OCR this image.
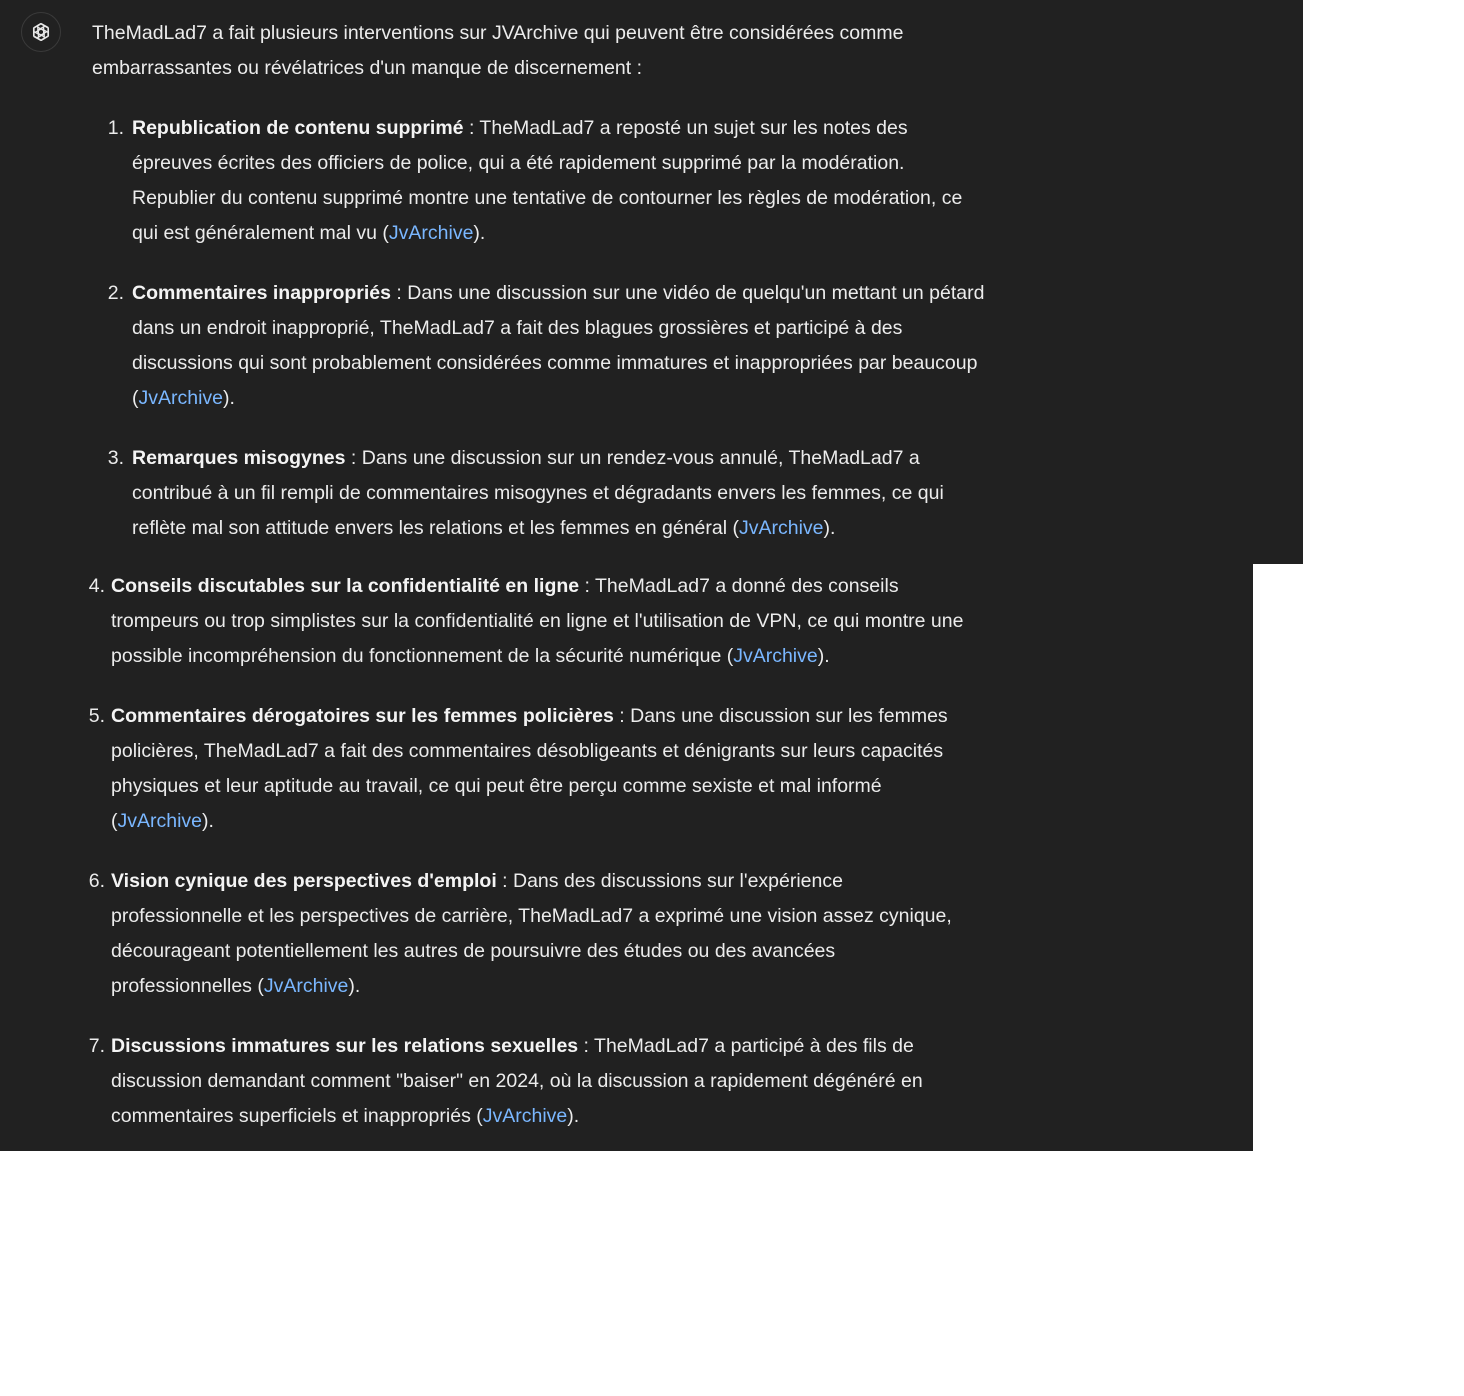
TheMadLad7 a fait plusieurs interventions sur JVArchive qui peuvent être considérées comme embarrassantes ou révélatrices d'un manque de discernement :

1. Republication de contenu supprimé : TheMadLad7 a reposté un sujet sur les notes des épreuves écrites des officiers de police, qui a été rapidement supprimé par la modération. Republier du contenu supprimé montre une tentative de contourner les règles de modération, ce qui est généralement mal vu (JvArchive).
2. Commentaires inappropriés : Dans une discussion sur une vidéo de quelqu'un mettant un pétard dans un endroit inapproprié, TheMadLad7 a fait des blagues grossières et participé à des discussions qui sont probablement considérées comme immatures et inappropriées par beaucoup (JvArchive).
3. Remarques misogynes : Dans une discussion sur un rendez-vous annulé, TheMadLad7 a contribué à un fil rempli de commentaires misogynes et dégradants envers les femmes, ce qui reflète mal son attitude envers les relations et les femmes en général (JvArchive).
4. Conseils discutables sur la confidentialité en ligne : TheMadLad7 a donné des conseils trompeurs ou trop simplistes sur la confidentialité en ligne et l'utilisation de VPN, ce qui montre une possible incompréhension du fonctionnement de la sécurité numérique (JvArchive).
5. Commentaires dérogatoires sur les femmes policières : Dans une discussion sur les femmes policières, TheMadLad7 a fait des commentaires désobligeants et dénigrants sur leurs capacités physiques et leur aptitude au travail, ce qui peut être perçu comme sexiste et mal informé (JvArchive).
6. Vision cynique des perspectives d'emploi : Dans des discussions sur l'expérience professionnelle et les perspectives de carrière, TheMadLad7 a exprimé une vision assez cynique, décourageant potentiellement les autres de poursuivre des études ou des avancées professionnelles (JvArchive).
7. Discussions immatures sur les relations sexuelles : TheMadLad7 a participé à des fils de discussion demandant comment "baiser" en 2024, où la discussion a rapidement dégénéré en commentaires superficiels et inappropriés (JvArchive).
